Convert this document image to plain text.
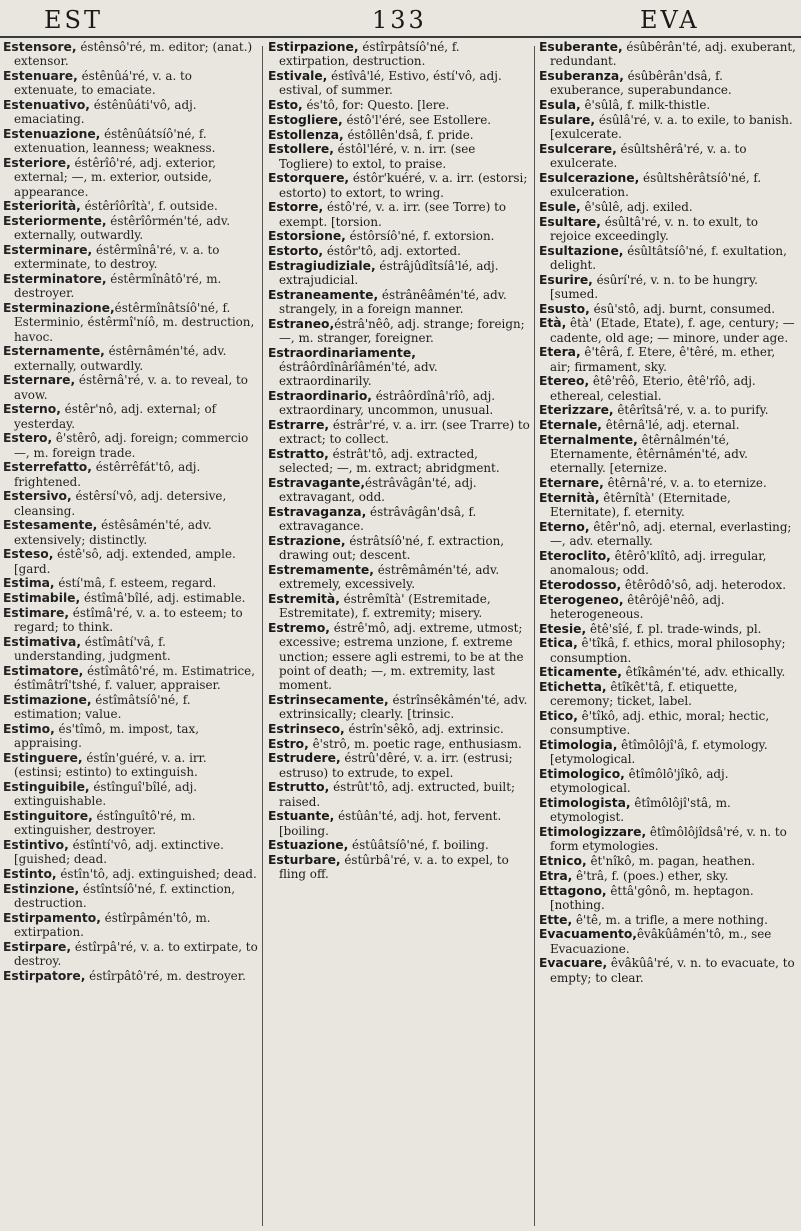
EST	133	EVA
Estensore, éstênsô'ré, m. editor; (anat.) extensor.
Estenuare, éstênûá'ré, v. a. to extenuate, to emaciate.
Estenuativo, éstênûáti'vô, adj. emaciating.
Estenuazione, éstênûátsíô'né, f. extenuation, leanness; weakness.
Esteriore, éstêrîô'ré, adj. exterior, external; —, m. exterior, outside, appearance.
Esteriorità, éstêrîôrîtà', f. outside.
Esteriormente, éstêrîôrmén'té, adv. externally, outwardly.
Esterminare, éstêrmînâ'ré, v. a. to exterminate, to destroy.
Esterminatore, éstêrmînâtô'ré, m. destroyer.
Esterminazione,éstêrmînâtsíô'né, f. Esterminio, éstêrmî'níô, m. destruction, havoc.
Esternamente, éstêrnâmén'té, adv. externally, outwardly.
Esternare, éstêrnâ'ré, v. a. to reveal, to avow.
Esterno, éstêr'nô, adj. external; of yesterday.
Estero, ê'stêrô, adj. foreign; commercio —, m. foreign trade.
Esterrefatto, éstêrrêfát'tô, adj. frightened.
Estersivo, éstêrsí'vô, adj. detersive, cleansing.
Estesamente, éstêsâmén'té, adv. extensively; distinctly.
Esteso, éstê'sô, adj. extended, ample. [gard.
Estima, éstí'mâ, f. esteem, regard.
Estimabile, éstîmâ'bîlé, adj. estimable.
Estimare, éstîmâ'ré, v. a. to esteem; to regard; to think.
Estimativa, éstîmâtí'vâ, f. understanding, judgment.
Estimatore, éstîmâtô'ré, m. Estimatrice, éstîmâtrî'tshé, f. valuer, appraiser.
Estimazione, éstîmâtsíô'né, f. estimation; value.
Estimo, és'tîmô, m. impost, tax, appraising.
Estinguere, éstîn'guéré, v. a. irr. (estinsi; estinto) to extinguish.
Estinguibile, éstînguî'bîlé, adj. extinguishable.
Estinguitore, éstînguîtô'ré, m. extinguisher, destroyer.
Estintivo, éstîntí'vô, adj. extinctive. [guished; dead.
Estinto, éstîn'tô, adj. extinguished; dead.
Estinzione, éstîntsíô'né, f. extinction, destruction.
Estirpamento, éstîrpâmén'tô, m. extirpation.
Estirpare, éstîrpâ'ré, v. a. to extirpate, to destroy.
Estirpatore, éstîrpâtô'ré, m. destroyer.
Estirpazione, éstîrpâtsíô'né, f. extirpation, destruction.
Estivale, éstîvâ'lé, Estivo, éstí'vô, adj. estival, of summer.
Esto, és'tô, for: Questo. [lere.
Estogliere, éstô'l'éré, see Estollere.
Estollenza, éstôllên'dsâ, f. pride.
Estollere, éstôl'léré, v. n. irr. (see Togliere) to extol, to praise.
Estorquere, éstôr'kuéré, v. a. irr. (estorsi; estorto) to extort, to wring.
Estorre, éstô'ré, v. a. irr. (see Torre) to exempt. [torsion.
Estorsione, éstôrsíô'né, f. extorsion.
Estorto, éstôr'tô, adj. extorted.
Estragiudiziale, éstrâjûdîtsíâ'lé, adj. extrajudicial.
Estraneamente, éstrânêâmén'té, adv. strangely, in a foreign manner.
Estraneo,éstrâ'nêô, adj. strange; foreign; —, m. stranger, foreigner.
Estraordinariamente, éstrâôrdînârîâmén'té, adv. extraordinarily.
Estraordinario, éstrâôrdînâ'rîô, adj. extraordinary, uncommon, unusual.
Estrarre, éstrâr'ré, v. a. irr. (see Trarre) to extract; to collect.
Estratto, éstrât'tô, adj. extracted, selected; —, m. extract; abridgment.
Estravagante,éstrâvâgân'té, adj. extravagant, odd.
Estravaganza, éstrâvâgân'dsâ, f. extravagance.
Estrazione, éstrâtsíô'né, f. extraction, drawing out; descent.
Estremamente, éstrêmâmén'té, adv. extremely, excessively.
Estremità, éstrêmîtà' (Estremitade, Estremitate), f. extremity; misery.
Estremo, éstrê'mô, adj. extreme, utmost; excessive; estrema unzione, f. extreme unction; essere agli estremi, to be at the point of death; —, m. extremity, last moment.
Estrinsecamente, éstrînsêkâmén'té, adv. extrinsically; clearly. [trinsic.
Estrinseco, éstrîn'sêkô, adj. extrinsic.
Estro, ê'strô, m. poetic rage, enthusiasm.
Estrudere, éstrû'dêré, v. a. irr. (estrusi; estruso) to extrude, to expel.
Estrutto, éstrût'tô, adj. extructed, built; raised.
Estuante, éstûân'té, adj. hot, fervent. [boiling.
Estuazione, éstûâtsíô'né, f. boiling.
Esturbare, éstûrbâ'ré, v. a. to expel, to fling off.
Esuberante, ésûbêrân'té, adj. exuberant, redundant.
Esuberanza, ésûbêrân'dsâ, f. exuberance, superabundance.
Esula, ê'sûlâ, f. milk-thistle.
Esulare, ésûlâ'ré, v. a. to exile, to banish. [exulcerate.
Esulcerare, ésûltshêrâ'ré, v. a. to exulcerate.
Esulcerazione, ésûltshêrâtsíô'né, f. exulceration.
Esule, ê'sûlê, adj. exiled.
Esultare, ésûltâ'ré, v. n. to exult, to rejoice exceedingly.
Esultazione, ésûltâtsíô'né, f. exultation, delight.
Esurire, ésûrí'ré, v. n. to be hungry. [sumed.
Esusto, ésû'stô, adj. burnt, consumed.
Età, êtà' (Etade, Etate), f. age, century; — cadente, old age; — minore, under age.
Etera, ê'têrâ, f. Etere, ê'têré, m. ether, air; firmament, sky.
Etereo, êtê'rêô, Eterio, êtê'rîô, adj. ethereal, celestial.
Eterizzare, êtêrîtsâ'ré, v. a. to purify.
Eternale, êtêrnâ'lé, adj. eternal.
Eternalmente, êtêrnâlmén'té, Eternamente, êtêrnâmén'té, adv. eternally. [eternize.
Eternare, êtêrnâ'ré, v. a. to eternize.
Eternità, êtêrnîtà' (Eternitade, Eternitate), f. eternity.
Eterno, êtêr'nô, adj. eternal, everlasting; —, adv. eternally.
Eteroclito, êtêrô'klîtô, adj. irregular, anomalous; odd.
Eterodosso, êtêrôdô'sô, adj. heterodox.
Eterogeneo, êtêrôjê'nêô, adj. heterogeneous.
Etesie, êtê'sîé, f. pl. trade-winds, pl.
Etica, ê'tîkâ, f. ethics, moral philosophy; consumption.
Eticamente, êtîkâmén'té, adv. ethically.
Etichetta, êtîkêt'tâ, f. etiquette, ceremony; ticket, label.
Etico, ê'tîkô, adj. ethic, moral; hectic, consumptive.
Etimologia, êtîmôlôjî'â, f. etymology. [etymological.
Etimologico, êtîmôlô'jîkô, adj. etymological.
Etimologista, êtîmôlôjî'stâ, m. etymologist.
Etimologizzare, êtîmôlôjîdsâ'ré, v. n. to form etymologies.
Etnico, êt'nîkô, m. pagan, heathen.
Etra, ê'trâ, f. (poes.) ether, sky.
Ettagono, êttâ'gônô, m. heptagon. [nothing.
Ette, ê'tê, m. a trifle, a mere nothing.
Evacuamento,êvâkûâmén'tô, m., see Evacuazione.
Evacuare, êvâkûâ'ré, v. n. to evacuate, to empty; to clear.
